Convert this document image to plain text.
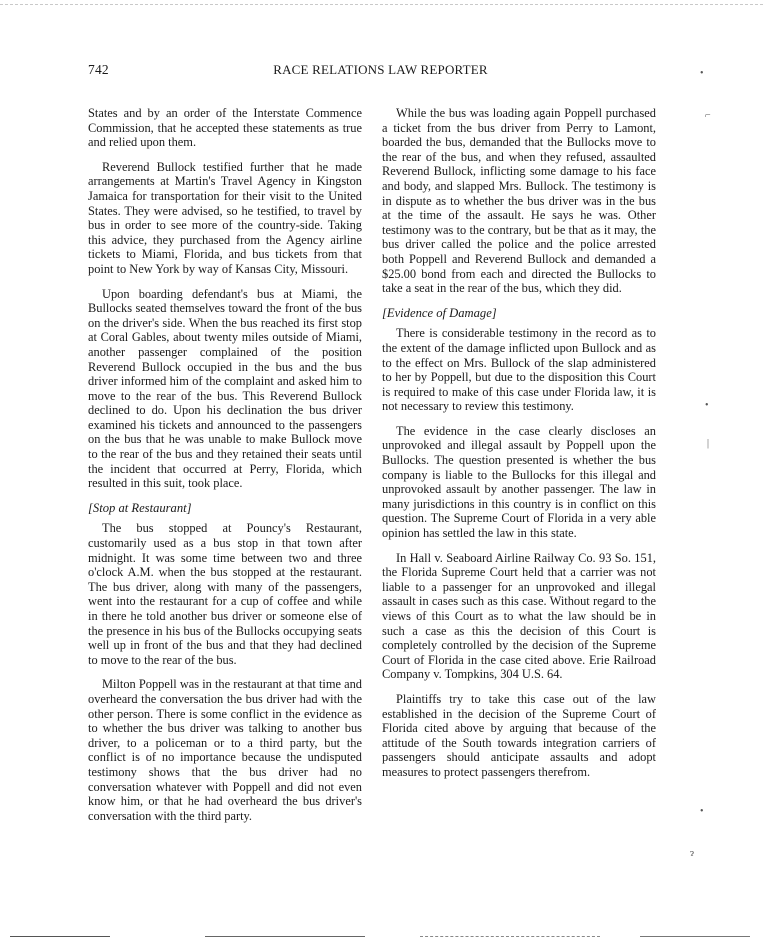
742	RACE RELATIONS LAW REPORTER	•
⌐
•
|
•
ɂ

States and by an order of the Interstate Commence Commission, that he accepted these statements as true and relied upon them.

Reverend Bullock testified further that he made arrangements at Martin's Travel Agency in Kingston Jamaica for transportation for their visit to the United States. They were advised, so he testified, to travel by bus in order to see more of the country-side. Taking this advice, they purchased from the Agency airline tickets to Miami, Florida, and bus tickets from that point to New York by way of Kansas City, Missouri.

Upon boarding defendant's bus at Miami, the Bullocks seated themselves toward the front of the bus on the driver's side. When the bus reached its first stop at Coral Gables, about twenty miles outside of Miami, another passenger complained of the position Reverend Bullock occupied in the bus and the bus driver informed him of the complaint and asked him to move to the rear of the bus. This Reverend Bullock declined to do. Upon his declination the bus driver examined his tickets and announced to the passengers on the bus that he was unable to make Bullock move to the rear of the bus and they retained their seats until the incident that occurred at Perry, Florida, which resulted in this suit, took place.

[Stop at Restaurant]

The bus stopped at Pouncy's Restaurant, customarily used as a bus stop in that town after midnight. It was some time between two and three o'clock A.M. when the bus stopped at the restaurant. The bus driver, along with many of the passengers, went into the restaurant for a cup of coffee and while in there he told another bus driver or someone else of the presence in his bus of the Bullocks occupying seats well up in front of the bus and that they had declined to move to the rear of the bus.

Milton Poppell was in the restaurant at that time and overheard the conversation the bus driver had with the other person. There is some conflict in the evidence as to whether the bus driver was talking to another bus driver, to a policeman or to a third party, but the conflict is of no importance because the undisputed testimony shows that the bus driver had no conversation whatever with Poppell and did not even know him, or that he had overheard the bus driver's conversation with the third party.

While the bus was loading again Poppell purchased a ticket from the bus driver from Perry to Lamont, boarded the bus, demanded that the Bullocks move to the rear of the bus, and when they refused, assaulted Reverend Bullock, inflicting some damage to his face and body, and slapped Mrs. Bullock. The testimony is in dispute as to whether the bus driver was in the bus at the time of the assault. He says he was. Other testimony was to the contrary, but be that as it may, the bus driver called the police and the police arrested both Poppell and Reverend Bullock and demanded a $25.00 bond from each and directed the Bullocks to take a seat in the rear of the bus, which they did.

[Evidence of Damage]

There is considerable testimony in the record as to the extent of the damage inflicted upon Bullock and as to the effect on Mrs. Bullock of the slap administered to her by Poppell, but due to the disposition this Court is required to make of this case under Florida law, it is not necessary to review this testimony.

The evidence in the case clearly discloses an unprovoked and illegal assault by Poppell upon the Bullocks. The question presented is whether the bus company is liable to the Bullocks for this illegal and unprovoked assault by another passenger. The law in many jurisdictions in this country is in conflict on this question. The Supreme Court of Florida in a very able opinion has settled the law in this state.

In Hall v. Seaboard Airline Railway Co. 93 So. 151, the Florida Supreme Court held that a carrier was not liable to a passenger for an unprovoked and illegal assault in cases such as this case. Without regard to the views of this Court as to what the law should be in such a case as this the decision of this Court is completely controlled by the decision of the Supreme Court of Florida in the case cited above. Erie Railroad Company v. Tompkins, 304 U.S. 64.

Plaintiffs try to take this case out of the law established in the decision of the Supreme Court of Florida cited above by arguing that because of the attitude of the South towards integration carriers of passengers should anticipate assaults and adopt measures to protect passengers therefrom.
